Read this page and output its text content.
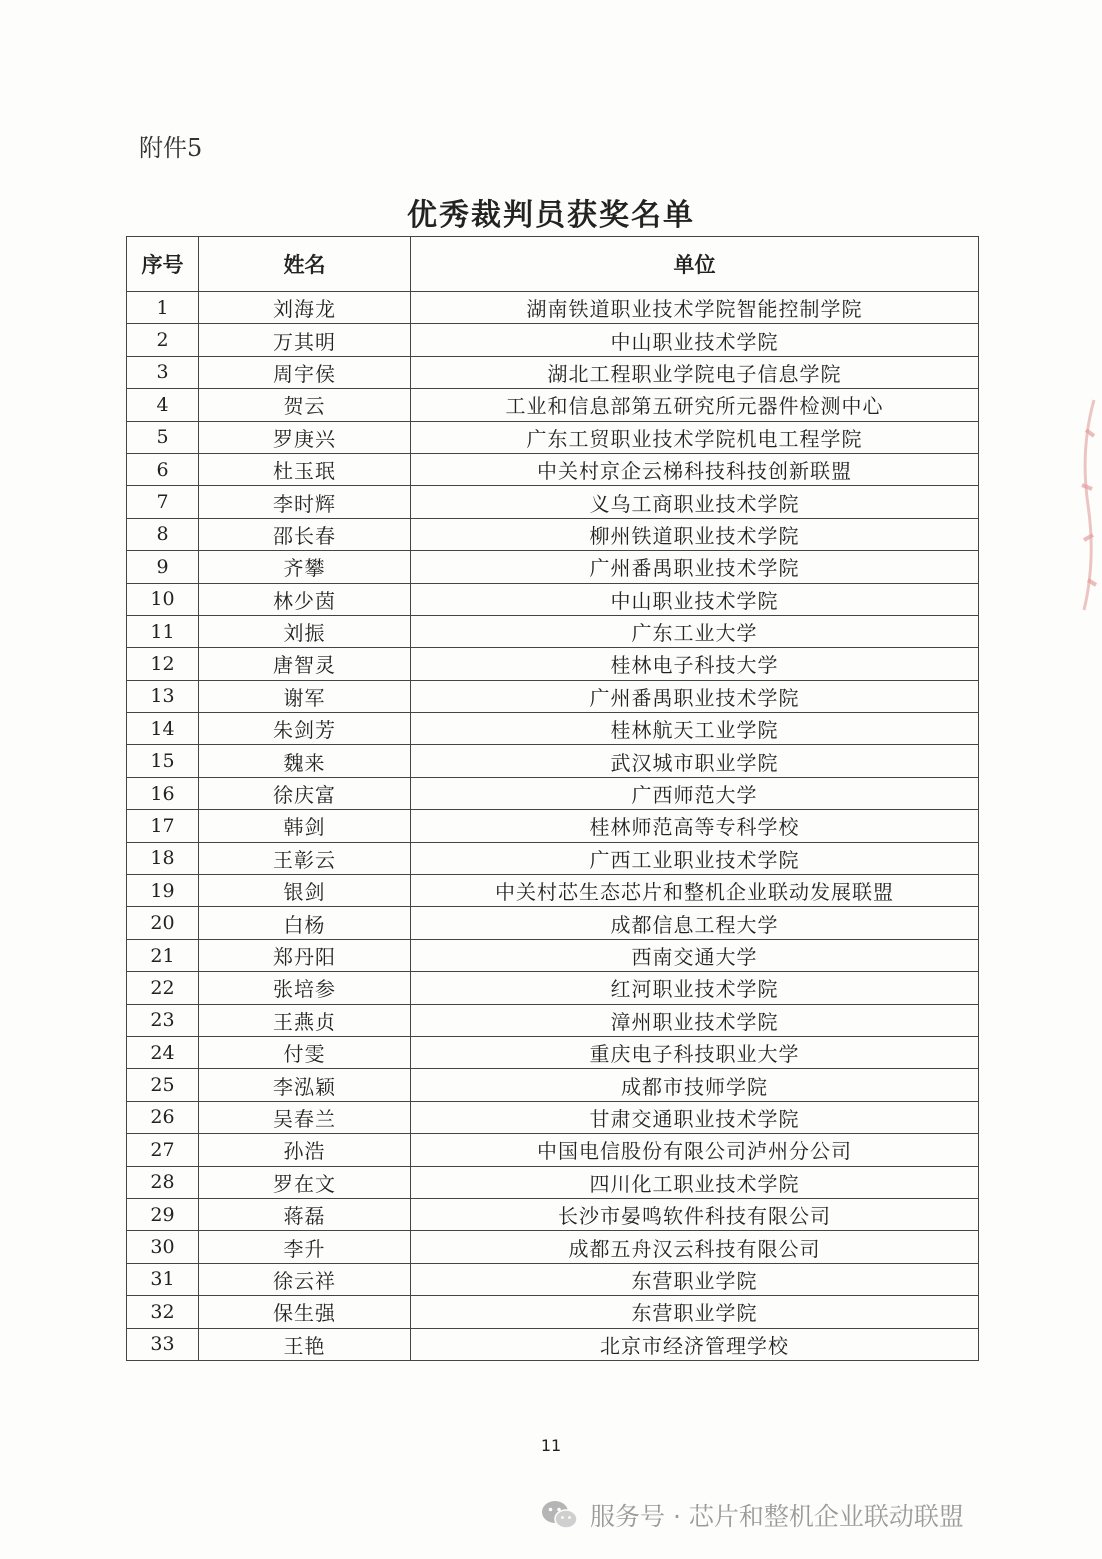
附件5
优秀裁判员获奖名单
序号	姓名	单位
1	刘海龙	湖南铁道职业技术学院智能控制学院
2	万其明	中山职业技术学院
3	周宇侯	湖北工程职业学院电子信息学院
4	贺云	工业和信息部第五研究所元器件检测中心
5	罗庚兴	广东工贸职业技术学院机电工程学院
6	杜玉珉	中关村京企云梯科技科技创新联盟
7	李时辉	义乌工商职业技术学院
8	邵长春	柳州铁道职业技术学院
9	齐攀	广州番禺职业技术学院
10	林少茵	中山职业技术学院
11	刘振	广东工业大学
12	唐智灵	桂林电子科技大学
13	谢军	广州番禺职业技术学院
14	朱剑芳	桂林航天工业学院
15	魏来	武汉城市职业学院
16	徐庆富	广西师范大学
17	韩剑	桂林师范高等专科学校
18	王彰云	广西工业职业技术学院
19	银剑	中关村芯生态芯片和整机企业联动发展联盟
20	白杨	成都信息工程大学
21	郑丹阳	西南交通大学
22	张培参	红河职业技术学院
23	王燕贞	漳州职业技术学院
24	付雯	重庆电子科技职业大学
25	李泓颖	成都市技师学院
26	吴春兰	甘肃交通职业技术学院
27	孙浩	中国电信股份有限公司泸州分公司
28	罗在文	四川化工职业技术学院
29	蒋磊	长沙市晏鸣软件科技有限公司
30	李升	成都五舟汉云科技有限公司
31	徐云祥	东营职业学院
32	保生强	东营职业学院
33	王艳	北京市经济管理学校
11
服务号 · 芯片和整机企业联动联盟
